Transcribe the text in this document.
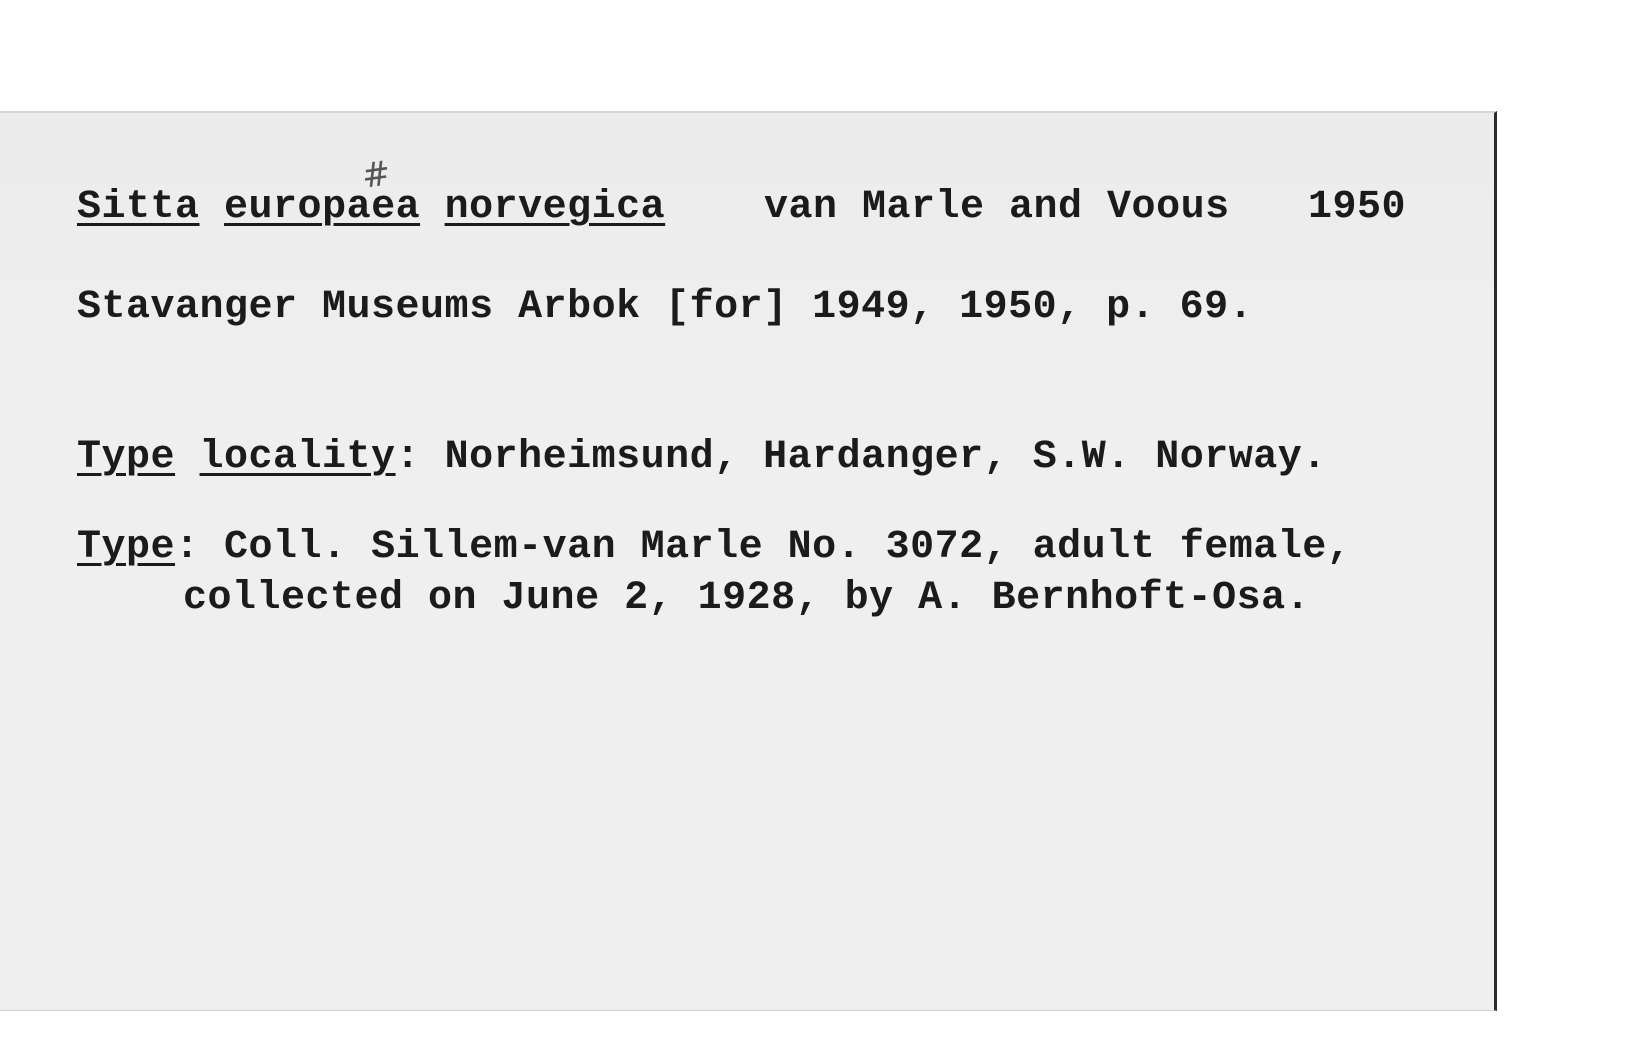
Sitta europaea norvegica
#
van Marle and Voous 1950
Stavanger Museums Arbok [for] 1949, 1950, p. 69.
Type locality: Norheimsund, Hardanger, S.W. Norway.
Type: Coll. Sillem-van Marle No. 3072, adult female,
collected on June 2, 1928, by A. Bernhoft-Osa.
